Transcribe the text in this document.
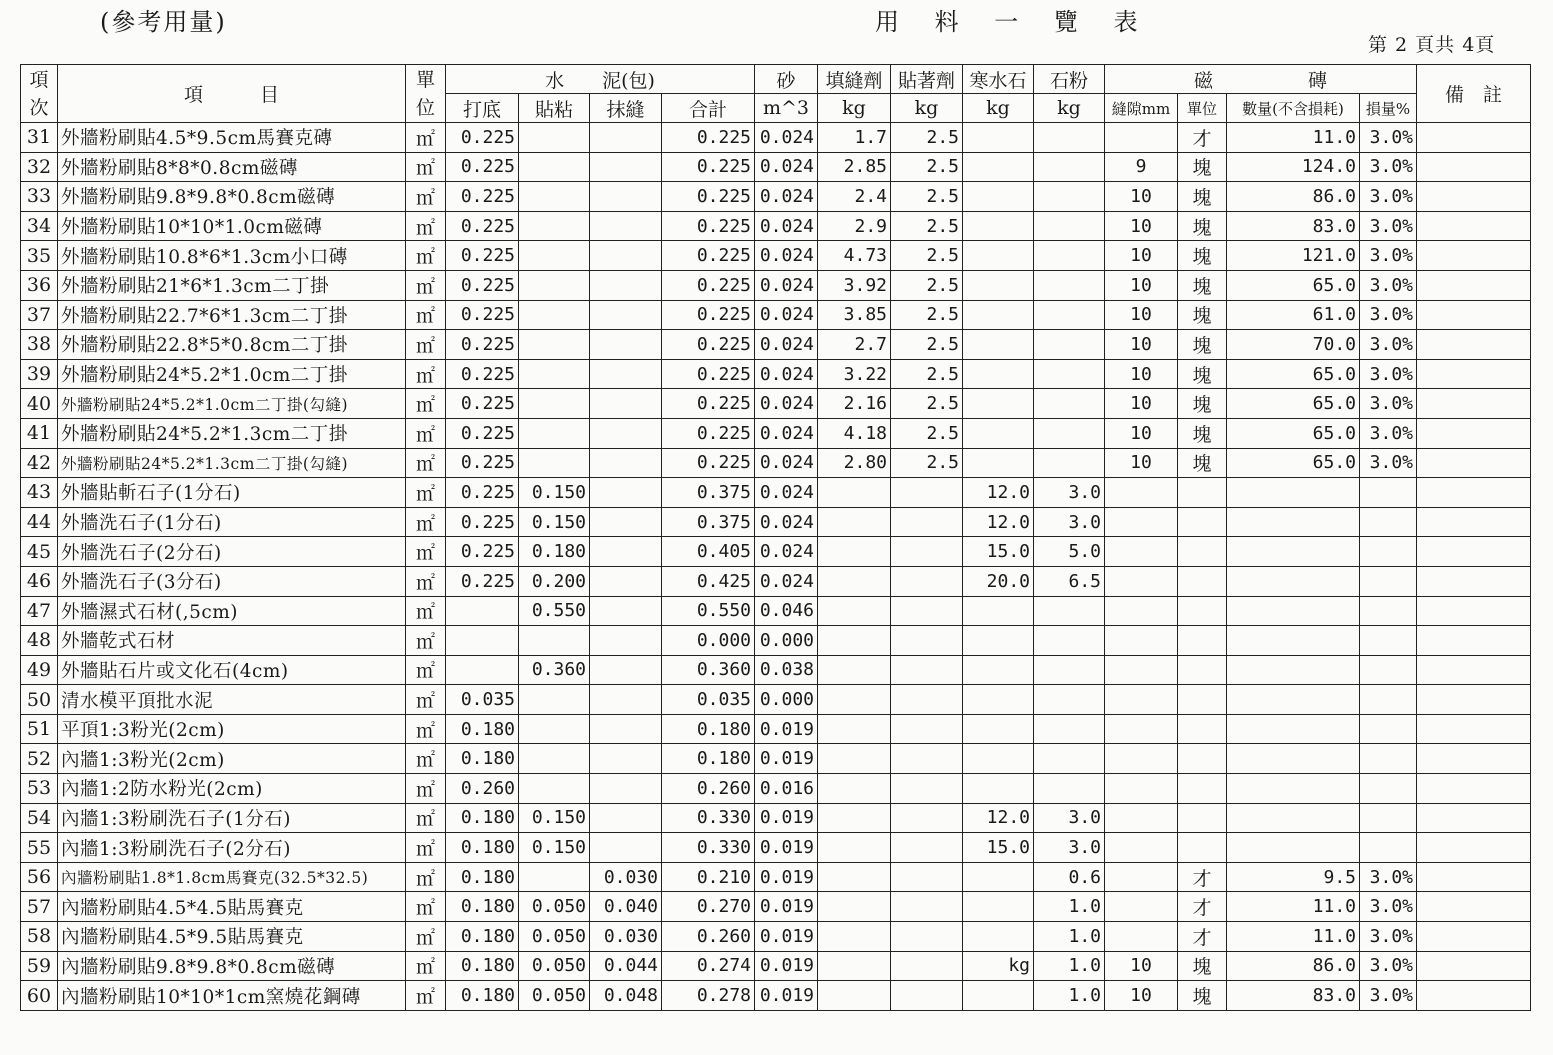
(參考用量)	用 料 一 覽 表
第 2 頁共 4頁
項次	項　　　目	單位	水　　泥(包)				砂	填縫劑	貼著劑	寒水石	石粉	磁　　　　　磚				備　註
			打底	貼粘	抹縫	合計	m^3	kg	kg	kg	kg	縫隙mm	單位	數量(不含損耗)	損量%	
31	外牆粉刷貼4.5*9.5cm馬賽克磚	㎡	0.225			0.225	0.024	1.7	2.5				才	11.0	3.0%	
32	外牆粉刷貼8*8*0.8cm磁磚	㎡	0.225			0.225	0.024	2.85	2.5			9	塊	124.0	3.0%	
33	外牆粉刷貼9.8*9.8*0.8cm磁磚	㎡	0.225			0.225	0.024	2.4	2.5			10	塊	86.0	3.0%	
34	外牆粉刷貼10*10*1.0cm磁磚	㎡	0.225			0.225	0.024	2.9	2.5			10	塊	83.0	3.0%	
35	外牆粉刷貼10.8*6*1.3cm小口磚	㎡	0.225			0.225	0.024	4.73	2.5			10	塊	121.0	3.0%	
36	外牆粉刷貼21*6*1.3cm二丁掛	㎡	0.225			0.225	0.024	3.92	2.5			10	塊	65.0	3.0%	
37	外牆粉刷貼22.7*6*1.3cm二丁掛	㎡	0.225			0.225	0.024	3.85	2.5			10	塊	61.0	3.0%	
38	外牆粉刷貼22.8*5*0.8cm二丁掛	㎡	0.225			0.225	0.024	2.7	2.5			10	塊	70.0	3.0%	
39	外牆粉刷貼24*5.2*1.0cm二丁掛	㎡	0.225			0.225	0.024	3.22	2.5			10	塊	65.0	3.0%	
40	外牆粉刷貼24*5.2*1.0cm二丁掛(勾縫)	㎡	0.225			0.225	0.024	2.16	2.5			10	塊	65.0	3.0%	
41	外牆粉刷貼24*5.2*1.3cm二丁掛	㎡	0.225			0.225	0.024	4.18	2.5			10	塊	65.0	3.0%	
42	外牆粉刷貼24*5.2*1.3cm二丁掛(勾縫)	㎡	0.225			0.225	0.024	2.80	2.5			10	塊	65.0	3.0%	
43	外牆貼斬石子(1分石)	㎡	0.225	0.150		0.375	0.024			12.0	3.0					
44	外牆洗石子(1分石)	㎡	0.225	0.150		0.375	0.024			12.0	3.0					
45	外牆洗石子(2分石)	㎡	0.225	0.180		0.405	0.024			15.0	5.0					
46	外牆洗石子(3分石)	㎡	0.225	0.200		0.425	0.024			20.0	6.5					
47	外牆濕式石材(,5cm)	㎡		0.550		0.550	0.046									
48	外牆乾式石材	㎡				0.000	0.000									
49	外牆貼石片或文化石(4cm)	㎡		0.360		0.360	0.038									
50	清水模平頂批水泥	㎡	0.035			0.035	0.000									
51	平頂1:3粉光(2cm)	㎡	0.180			0.180	0.019									
52	內牆1:3粉光(2cm)	㎡	0.180			0.180	0.019									
53	內牆1:2防水粉光(2cm)	㎡	0.260			0.260	0.016									
54	內牆1:3粉刷洗石子(1分石)	㎡	0.180	0.150		0.330	0.019			12.0	3.0					
55	內牆1:3粉刷洗石子(2分石)	㎡	0.180	0.150		0.330	0.019			15.0	3.0					
56	內牆粉刷貼1.8*1.8cm馬賽克(32.5*32.5)	㎡	0.180		0.030	0.210	0.019				0.6		才	9.5	3.0%	
57	內牆粉刷貼4.5*4.5貼馬賽克	㎡	0.180	0.050	0.040	0.270	0.019				1.0		才	11.0	3.0%	
58	內牆粉刷貼4.5*9.5貼馬賽克	㎡	0.180	0.050	0.030	0.260	0.019				1.0		才	11.0	3.0%	
59	內牆粉刷貼9.8*9.8*0.8cm磁磚	㎡	0.180	0.050	0.044	0.274	0.019			kg	1.0	10	塊	86.0	3.0%	
60	內牆粉刷貼10*10*1cm窯燒花鋼磚	㎡	0.180	0.050	0.048	0.278	0.019				1.0	10	塊	83.0	3.0%	
